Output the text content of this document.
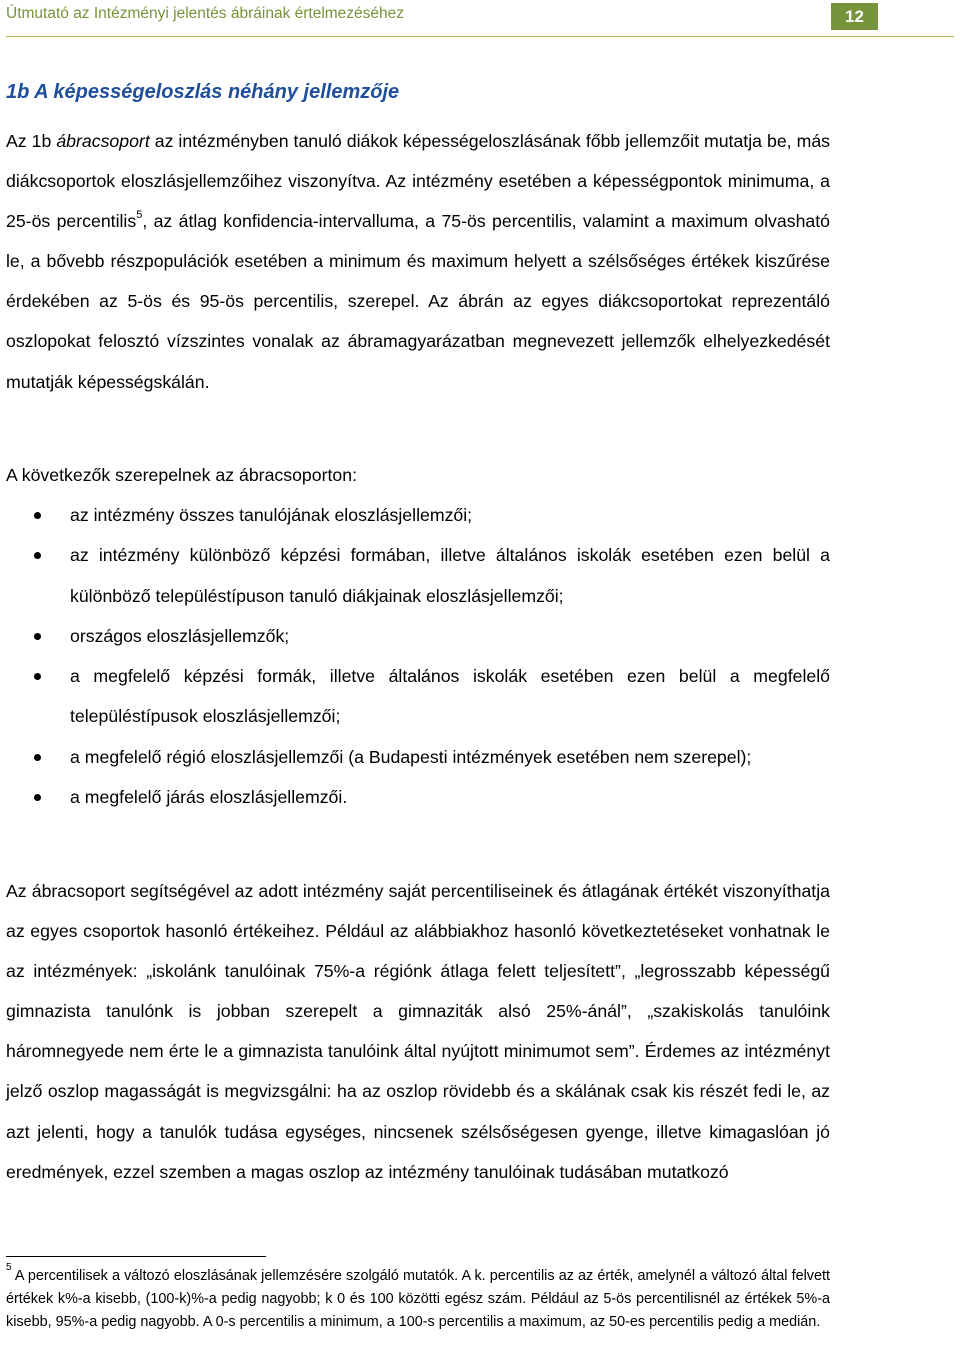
Útmutató az Intézményi jelentés ábráinak értelmezéséhez	12
1b A képességeloszlás néhány jellemzője

Az 1b ábracsoport az intézményben tanuló diákok képességeloszlásának főbb jellemzőit mutatja be, más diákcsoportok eloszlásjellemzőihez viszonyítva. Az intézmény esetében a képességpontok minimuma, a 25-ös percentilis$^5$, az átlag konfidencia-intervalluma, a 75-ös percentilis, valamint a maximum olvasható le, a bővebb részpopulációk esetében a minimum és maximum helyett a szélsőséges értékek kiszűrése érdekében az 5-ös és 95-ös percentilis, szerepel. Az ábrán az egyes diákcsoportokat reprezentáló oszlopokat felosztó vízszintes vonalak az ábramagyarázatban megnevezett jellemzők elhelyezkedését mutatják képességskálán.

A következők szerepelnek az ábracsoporton:

az intézmény összes tanulójának eloszlásjellemzői;
az intézmény különböző képzési formában, illetve általános iskolák esetében ezen belül a különböző településtípuson tanuló diákjainak eloszlásjellemzői;
országos eloszlásjellemzők;
a megfelelő képzési formák, illetve általános iskolák esetében ezen belül a megfelelő településtípusok eloszlásjellemzői;
a megfelelő régió eloszlásjellemzői (a Budapesti intézmények esetében nem szerepel);
a megfelelő járás eloszlásjellemzői.

Az ábracsoport segítségével az adott intézmény saját percentiliseinek és átlagának értékét viszonyíthatja az egyes csoportok hasonló értékeihez. Például az alábbiakhoz hasonló következtetéseket vonhatnak le az intézmények: „iskolánk tanulóinak 75%-a régiónk átlaga felett teljesített”, „legrosszabb képességű gimnazista tanulónk is jobban szerepelt a gimnaziták alsó 25%-ánál”, „szakiskolás tanulóink háromnegyede nem érte le a gimnazista tanulóink által nyújtott minimumot sem”. Érdemes az intézményt jelző oszlop magasságát is megvizsgálni: ha az oszlop rövidebb és a skálának csak kis részét fedi le, az azt jelenti, hogy a tanulók tudása egységes, nincsenek szélsőségesen gyenge, illetve kimagaslóan jó eredmények, ezzel szemben a magas oszlop az intézmény tanulóinak tudásában mutatkozó

$^5$ A percentilisek a változó eloszlásának jellemzésére szolgáló mutatók. A k. percentilis az az érték, amelynél a változó által felvett értékek k%-a kisebb, (100-k)%-a pedig nagyobb; k 0 és 100 közötti egész szám. Például az 5-ös percentilisnél az értékek 5%-a kisebb, 95%-a pedig nagyobb. A 0-s percentilis a minimum, a 100-s percentilis a maximum, az 50-es percentilis pedig a medián.
